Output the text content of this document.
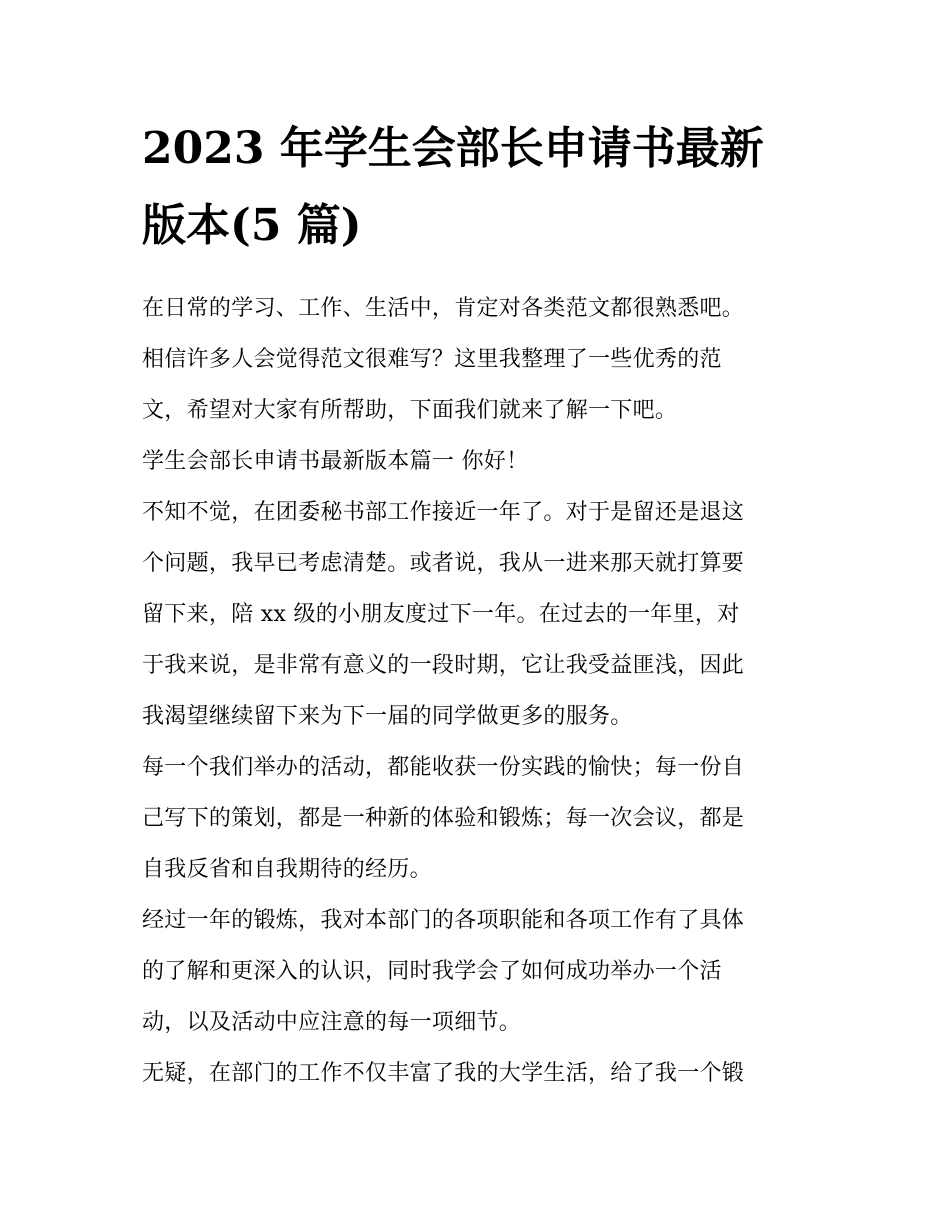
2023 年学生会部长申请书最新
版本(5 篇)
在日常的学习、工作、生活中，肯定对各类范文都很熟悉吧。
相信许多人会觉得范文很难写？这里我整理了一些优秀的范
文，希望对大家有所帮助，下面我们就来了解一下吧。
学生会部长申请书最新版本篇一 你好！
不知不觉，在团委秘书部工作接近一年了。对于是留还是退这
个问题，我早已考虑清楚。或者说，我从一进来那天就打算要
留下来，陪 xx 级的小朋友度过下一年。在过去的一年里，对
于我来说，是非常有意义的一段时期，它让我受益匪浅，因此
我渴望继续留下来为下一届的同学做更多的服务。
每一个我们举办的活动，都能收获一份实践的愉快；每一份自
己写下的策划，都是一种新的体验和锻炼；每一次会议，都是
自我反省和自我期待的经历。
经过一年的锻炼，我对本部门的各项职能和各项工作有了具体
的了解和更深入的认识，同时我学会了如何成功举办一个活
动，以及活动中应注意的每一项细节。
无疑，在部门的工作不仅丰富了我的大学生活，给了我一个锻
